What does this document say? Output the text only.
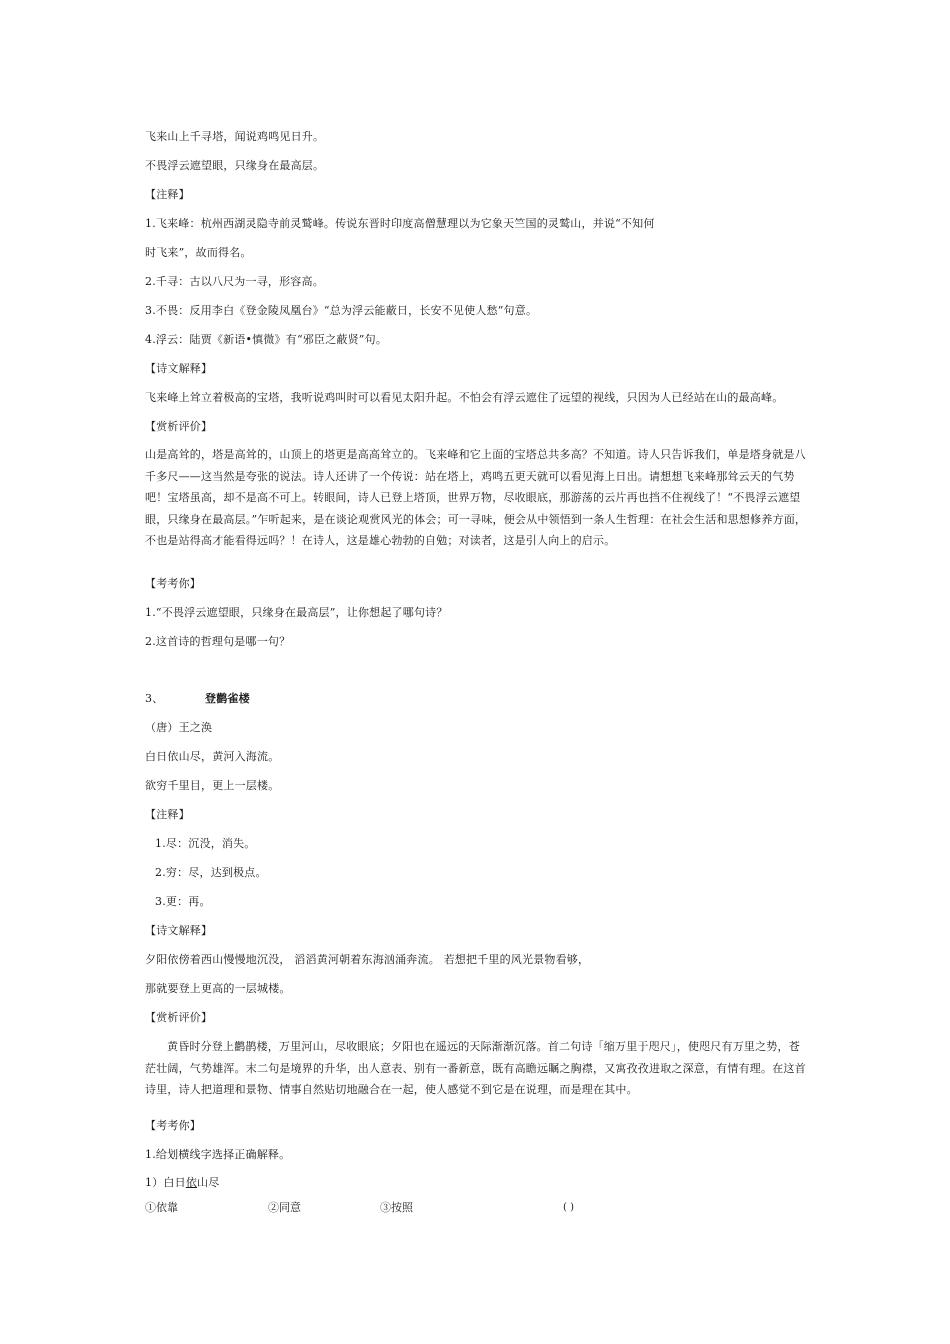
飞来山上千寻塔，闻说鸡鸣见日升。
不畏浮云遮望眼，只缘身在最高层。
【注释】
1.飞来峰：杭州西湖灵隐寺前灵鹫峰。传说东晋时印度高僧慧理以为它象天竺国的灵鹫山，并说“不知何
时飞来”，故而得名。
2.千寻：古以八尺为一寻，形容高。
3.不畏：反用李白《登金陵凤凰台》“总为浮云能蔽日，长安不见使人愁”句意。
4.浮云：陆贾《新语•慎微》有“邪臣之蔽贤”句。
【诗文解释】
飞来峰上耸立着极高的宝塔，我听说鸡叫时可以看见太阳升起。不怕会有浮云遮住了远望的视线，只因为人已经站在山的最高峰。
【赏析评价】
山是高耸的，塔是高耸的，山顶上的塔更是高高耸立的。飞来峰和它上面的宝塔总共多高？不知道。诗人只告诉我们，单是塔身就是八千多尺——这当然是夸张的说法。诗人还讲了一个传说：站在塔上，鸡鸣五更天就可以看见海上日出。请想想飞来峰那耸云天的气势吧！宝塔虽高，却不是高不可上。转眼间，诗人已登上塔顶，世界万物，尽收眼底，那游荡的云片再也挡不住视线了！“不畏浮云遮望眼，只缘身在最高层。”乍听起来，是在谈论观赏风光的体会；可一寻味，便会从中领悟到一条人生哲理：在社会生活和思想修养方面，不也是站得高才能看得远吗？！在诗人，这是雄心勃勃的自勉；对读者，这是引人向上的启示。
【考考你】
1.“不畏浮云遮望眼，只缘身在最高层”，让你想起了哪句诗？
2.这首诗的哲理句是哪一句？
3、	登鹳雀楼
（唐）王之涣
白日依山尽，黄河入海流。
欲穷千里目，更上一层楼。
【注释】
1.尽：沉没，消失。
2.穷：尽，达到极点。
3.更：再。
【诗文解释】
夕阳依傍着西山慢慢地沉没， 滔滔黄河朝着东海汹涌奔流。 若想把千里的风光景物看够，
那就要登上更高的一层城楼。
【赏析评价】
黄昏时分登上鹳鹊楼，万里河山，尽收眼底；夕阳也在遥远的天际渐渐沉落。首二句诗「缩万里于咫尺」，使咫尺有万里之势，苍茫壮阔，气势雄浑。末二句是境界的升华，出人意表、别有一番新意，既有高瞻远瞩之胸襟，又寓孜孜进取之深意，有情有理。在这首诗里，诗人把道理和景物、情事自然贴切地融合在一起，使人感觉不到它是在说理，而是理在其中。
【考考你】
1.给划横线字选择正确解释。
1）白日依山尽
①依靠	②同意	③按照	( )
